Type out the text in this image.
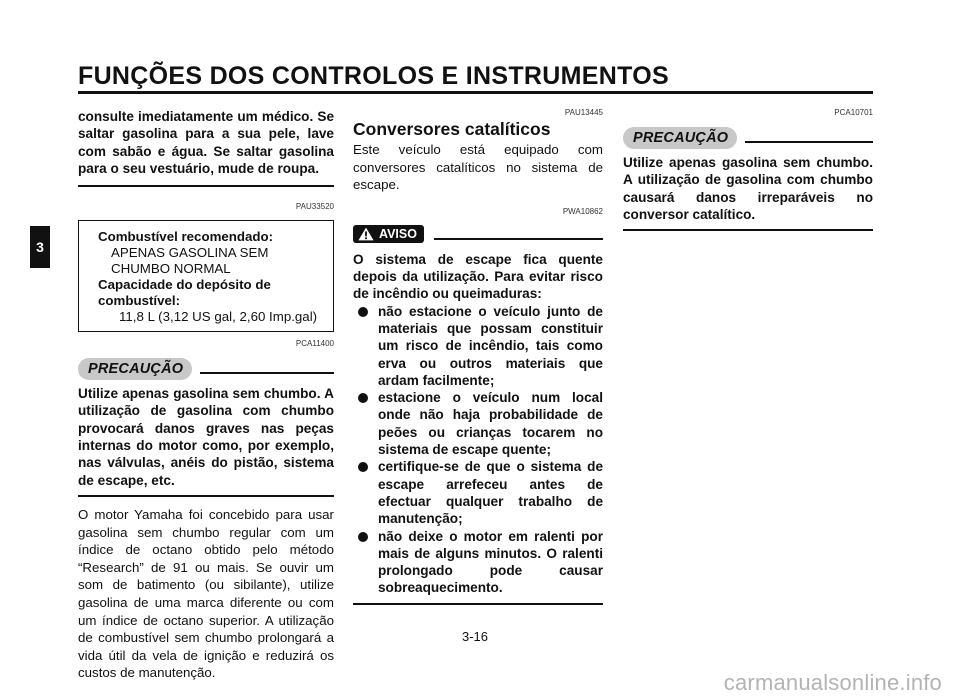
FUNÇÕES DOS CONTROLOS E INSTRUMENTOS
3

consulte imediatamente um médico. Se saltar gasolina para a sua pele, lave com sabão e água. Se saltar gasolina para o seu vestuário, mude de roupa.

PAU33520
Combustível recomendado:
APENAS GASOLINA SEM
CHUMBO NORMAL
Capacidade do depósito de
combustível:
11,8 L (3,12 US gal, 2,60 Imp.gal)
PCA11400
PRECAUÇÃO

Utilize apenas gasolina sem chumbo. A utilização de gasolina com chumbo provocará danos graves nas peças internas do motor como, por exemplo, nas válvulas, anéis do pistão, sistema de escape, etc.

O motor Yamaha foi concebido para usar gasolina sem chumbo regular com um índice de octano obtido pelo método “Research” de 91 ou mais. Se ouvir um som de batimento (ou sibilante), utilize gasolina de uma marca diferente ou com um índice de octano superior. A utilização de combustível sem chumbo prolongará a vida útil da vela de ignição e reduzirá os custos de manutenção.

PAU13445
Conversores catalíticos

Este veículo está equipado com conversores catalíticos no sistema de escape.

PWA10862
AVISO

O sistema de escape fica quente depois da utilização. Para evitar risco de incêndio ou queimaduras:

não estacione o veículo junto de materiais que possam constituir um risco de incêndio, tais como erva ou outros materiais que ardam facilmente;
estacione o veículo num local onde não haja probabilidade de peões ou crianças tocarem no sistema de escape quente;
certifique-se de que o sistema de escape arrefeceu antes de efectuar qualquer trabalho de manutenção;
não deixe o motor em ralenti por mais de alguns minutos. O ralenti prolongado pode causar sobreaquecimento.
PCA10701
PRECAUÇÃO

Utilize apenas gasolina sem chumbo. A utilização de gasolina com chumbo causará danos irreparáveis no conversor catalítico.

3-16
carmanualsonline.info
